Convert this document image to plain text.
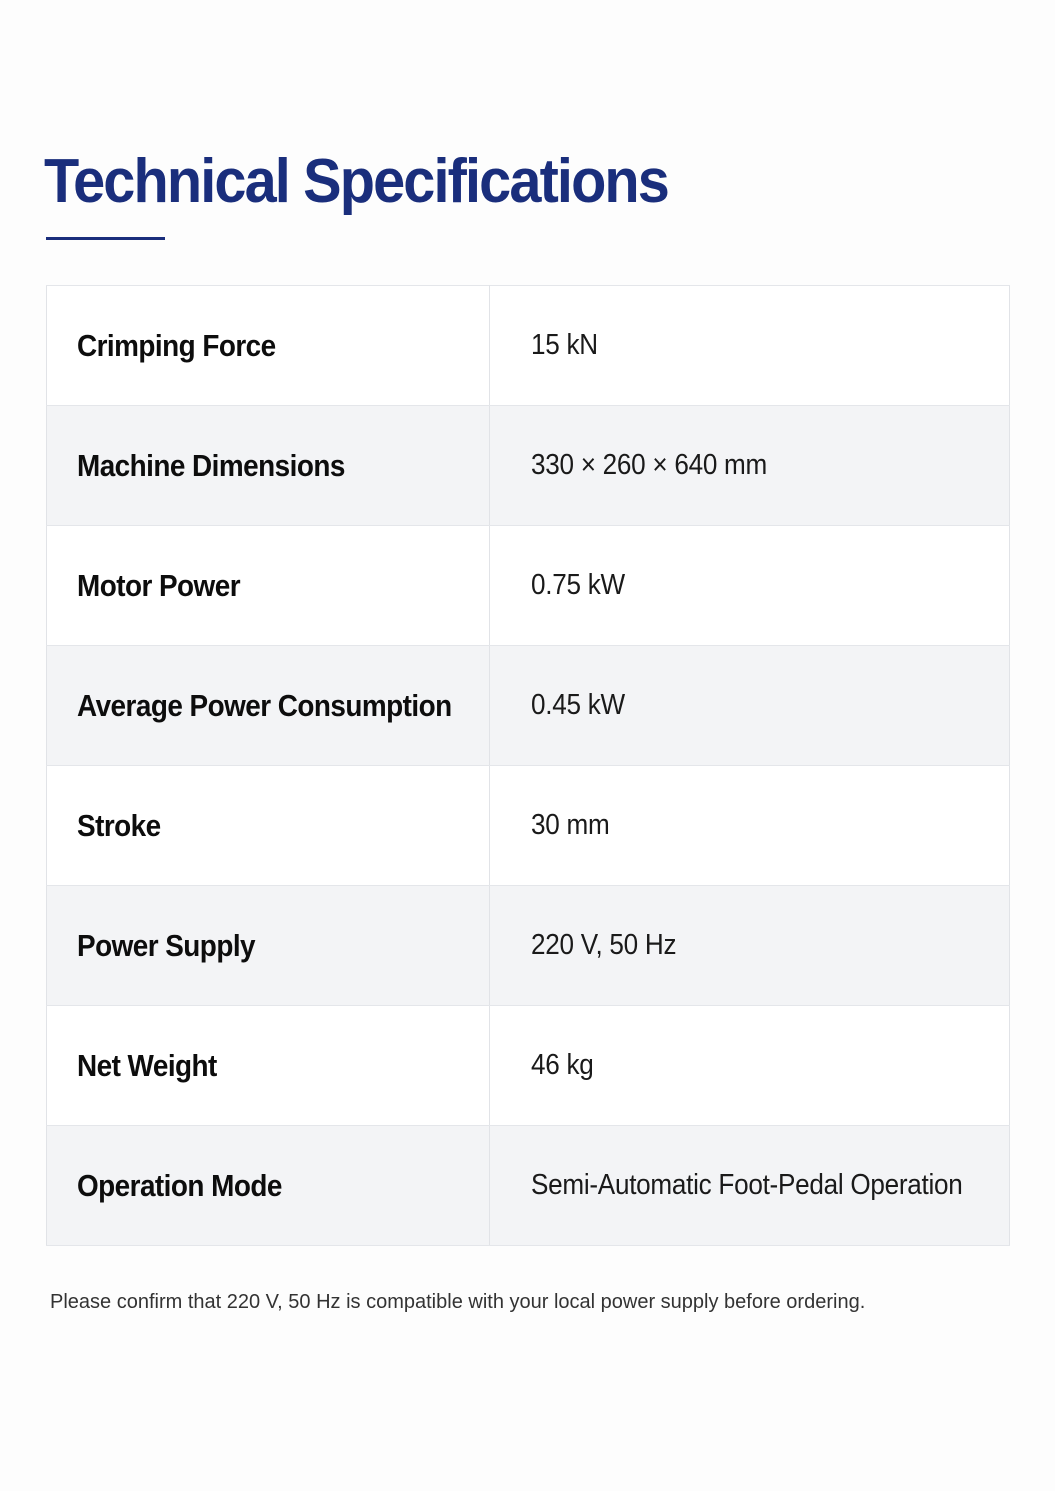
Technical Specifications
Crimping Force	15 kN
Machine Dimensions	330 × 260 × 640 mm
Motor Power	0.75 kW
Average Power Consumption	0.45 kW
Stroke	30 mm
Power Supply	220 V, 50 Hz
Net Weight	46 kg
Operation Mode	Semi-Automatic Foot-Pedal Operation

Please confirm that 220 V, 50 Hz is compatible with your local power supply before ordering.
